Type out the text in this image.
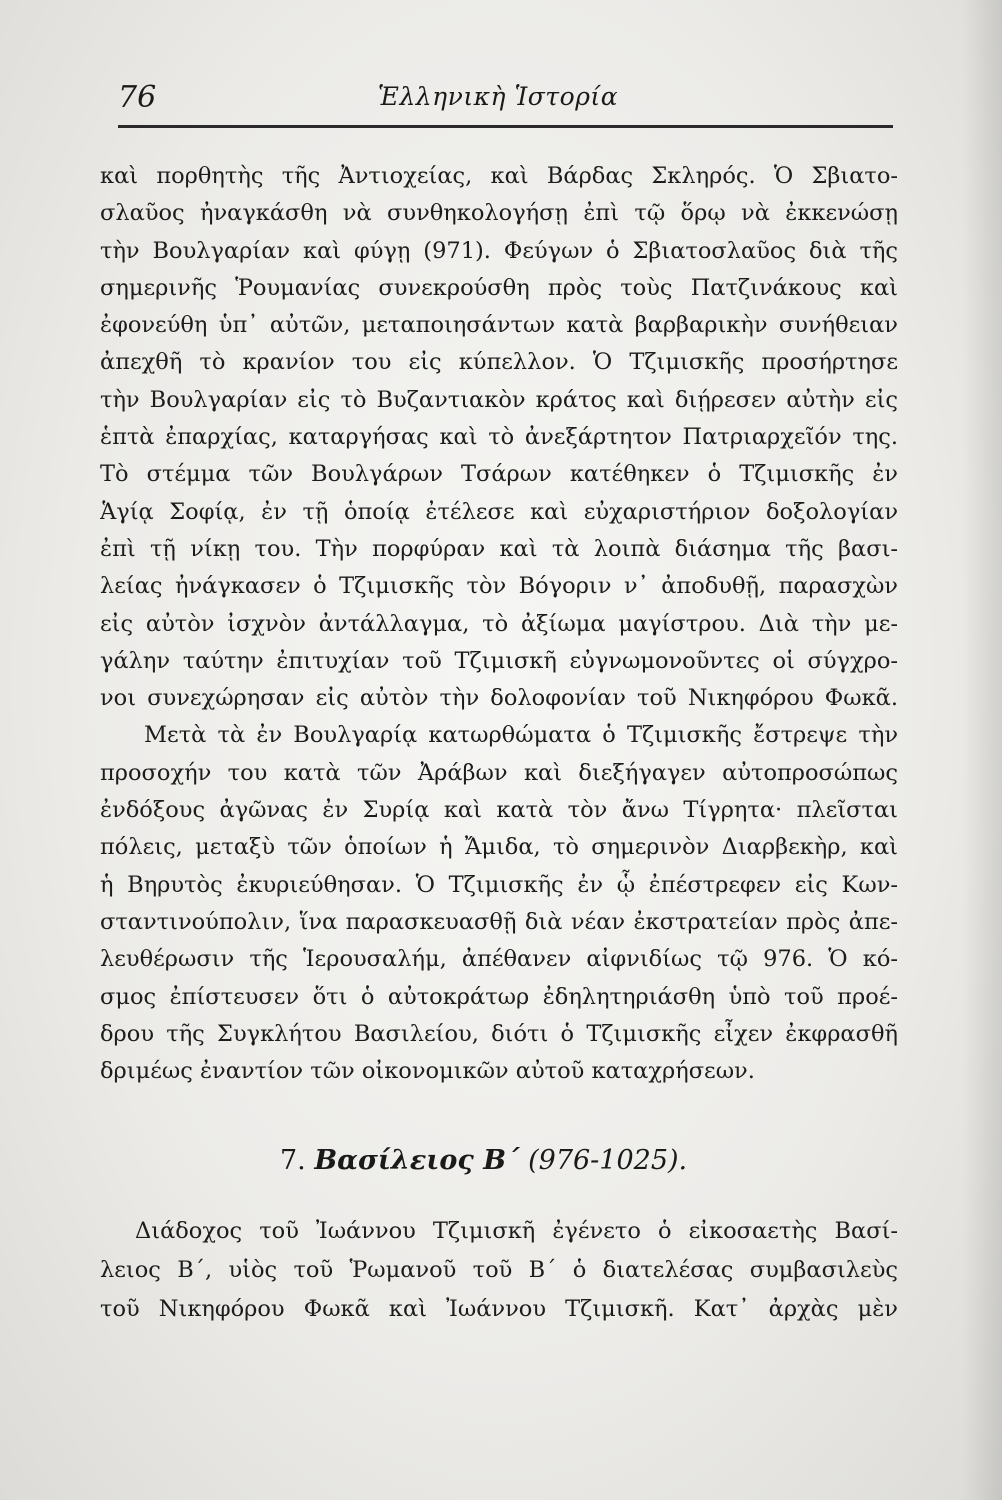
76	Ἑλληνικὴ Ἱστορία
καὶ πορθητὴς τῆς Ἀντιοχείας, καὶ Βάρδας Σκληρός. Ὁ Σβιατο-
σλαῦος ἠναγκάσθη νὰ συνθηκολογήσῃ ἐπὶ τῷ ὅρῳ νὰ ἐκκενώσῃ
τὴν Βουλγαρίαν καὶ φύγῃ (971). Φεύγων ὁ Σβιατοσλαῦος διὰ τῆς
σημερινῆς Ῥουμανίας συνεκρούσθη πρὸς τοὺς Πατζινάκους καὶ
ἐφονεύθη ὑπ᾽ αὐτῶν, μεταποιησάντων κατὰ βαρβαρικὴν συνήθειαν
ἀπεχθῆ τὸ κρανίον του εἰς κύπελλον. Ὁ Τζιμισκῆς προσήρτησε
τὴν Βουλγαρίαν εἰς τὸ Βυζαντιακὸν κράτος καὶ διῄρεσεν αὐτὴν εἰς
ἑπτὰ ἐπαρχίας, καταργήσας καὶ τὸ ἀνεξάρτητον Πατριαρχεῖόν της.
Τὸ στέμμα τῶν Βουλγάρων Τσάρων κατέθηκεν ὁ Τζιμισκῆς ἐν
Ἁγίᾳ Σοφίᾳ, ἐν τῇ ὁποίᾳ ἐτέλεσε καὶ εὐχαριστήριον δοξολογίαν
ἐπὶ τῇ νίκῃ του. Τὴν πορφύραν καὶ τὰ λοιπὰ διάσημα τῆς βασι-
λείας ἠνάγκασεν ὁ Τζιμισκῆς τὸν Βόγοριν ν᾽ ἀποδυθῇ, παρασχὼν
εἰς αὐτὸν ἰσχνὸν ἀντάλλαγμα, τὸ ἀξίωμα μαγίστρου. Διὰ τὴν με-
γάλην ταύτην ἐπιτυχίαν τοῦ Τζιμισκῆ εὐγνωμονοῦντες οἱ σύγχρο-
νοι συνεχώρησαν εἰς αὐτὸν τὴν δολοφονίαν τοῦ Νικηφόρου Φωκᾶ.
Μετὰ τὰ ἐν Βουλγαρίᾳ κατωρθώματα ὁ Τζιμισκῆς ἔστρεψε τὴν
προσοχήν του κατὰ τῶν Ἀράβων καὶ διεξήγαγεν αὐτοπροσώπως
ἐνδόξους ἀγῶνας ἐν Συρίᾳ καὶ κατὰ τὸν ἄνω Τίγρητα· πλεῖσται
πόλεις, μεταξὺ τῶν ὁποίων ἡ Ἄμιδα, τὸ σημερινὸν Διαρβεκὴρ, καὶ
ἡ Βηρυτὸς ἐκυριεύθησαν. Ὁ Τζιμισκῆς ἐν ᾧ ἐπέστρεφεν εἰς Κων-
σταντινούπολιν, ἵνα παρασκευασθῇ διὰ νέαν ἐκστρατείαν πρὸς ἀπε-
λευθέρωσιν τῆς Ἱερουσαλήμ, ἀπέθανεν αἰφνιδίως τῷ 976. Ὁ κό-
σμος ἐπίστευσεν ὅτι ὁ αὐτοκράτωρ ἐδηλητηριάσθη ὑπὸ τοῦ προέ-
δρου τῆς Συγκλήτου Βασιλείου, διότι ὁ Τζιμισκῆς εἶχεν ἐκφρασθῆ
δριμέως ἐναντίον τῶν οἰκονομικῶν αὐτοῦ καταχρήσεων.
7. Βασίλειος Β΄ (976-1025).
Διάδοχος τοῦ Ἰωάννου Τζιμισκῆ ἐγένετο ὁ εἰκοσαετὴς Βασί-
λειος Β΄, υἱὸς τοῦ Ῥωμανοῦ τοῦ Β΄ ὁ διατελέσας συμβασιλεὺς
τοῦ Νικηφόρου Φωκᾶ καὶ Ἰωάννου Τζιμισκῆ. Κατ᾽ ἀρχὰς μὲν
